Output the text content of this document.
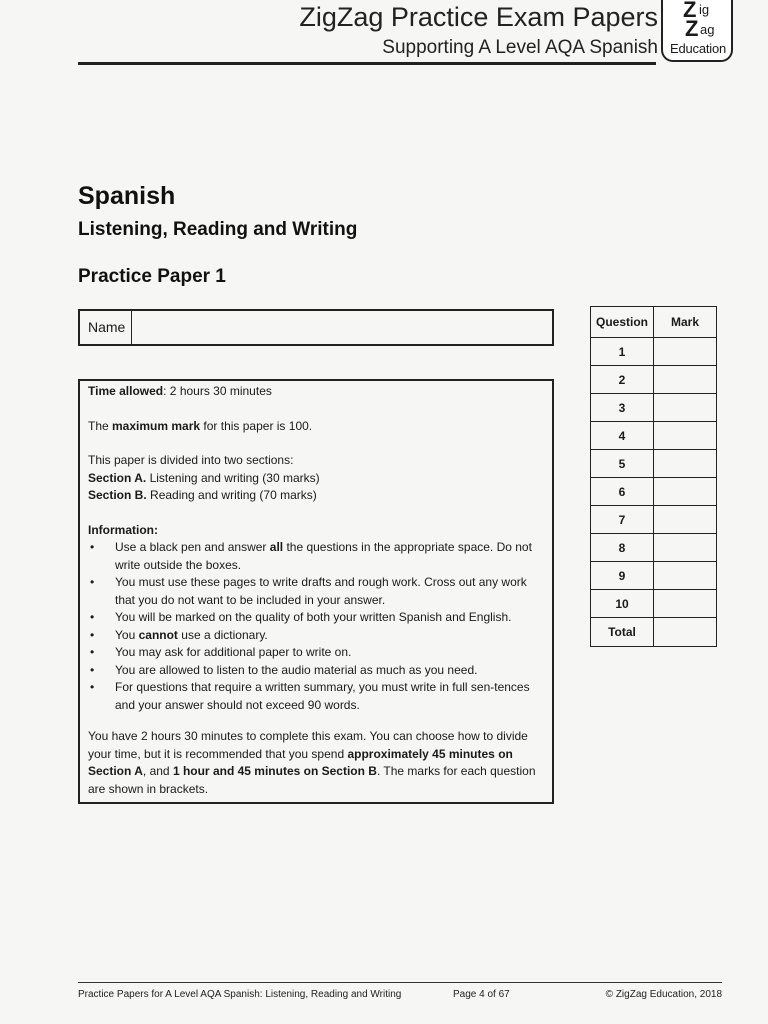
ZigZag Practice Exam Papers
Supporting A Level AQA Spanish
Z ig
Z ag
Education
Spanish
Listening, Reading and Writing
Practice Paper 1
Name

Time allowed: 2 hours 30 minutes

The maximum mark for this paper is 100.

This paper is divided into two sections:

Section A. Listening and writing (30 marks)

Section B. Reading and writing (70 marks)

Information:

• Use a black pen and answer all the questions in the appropriate space. Do not write outside the boxes.
• You must use these pages to write drafts and rough work. Cross out any work that you do not want to be included in your answer.
• You will be marked on the quality of both your written Spanish and English.
• You cannot use a dictionary.
• You may ask for additional paper to write on.
• You are allowed to listen to the audio material as much as you need.
• For questions that require a written summary, you must write in full sen-tences and your answer should not exceed 90 words.

You have 2 hours 30 minutes to complete this exam. You can choose how to divide your time, but it is recommended that you spend approximately 45 minutes on Section A, and 1 hour and 45 minutes on Section B. The marks for each question are shown in brackets.

Question	Mark
1	
2	
3	
4	
5	
6	
7	
8	
9	
10	
Total	
Practice Papers for A Level AQA Spanish: Listening, Reading and Writing	Page 4 of 67	© ZigZag Education, 2018
